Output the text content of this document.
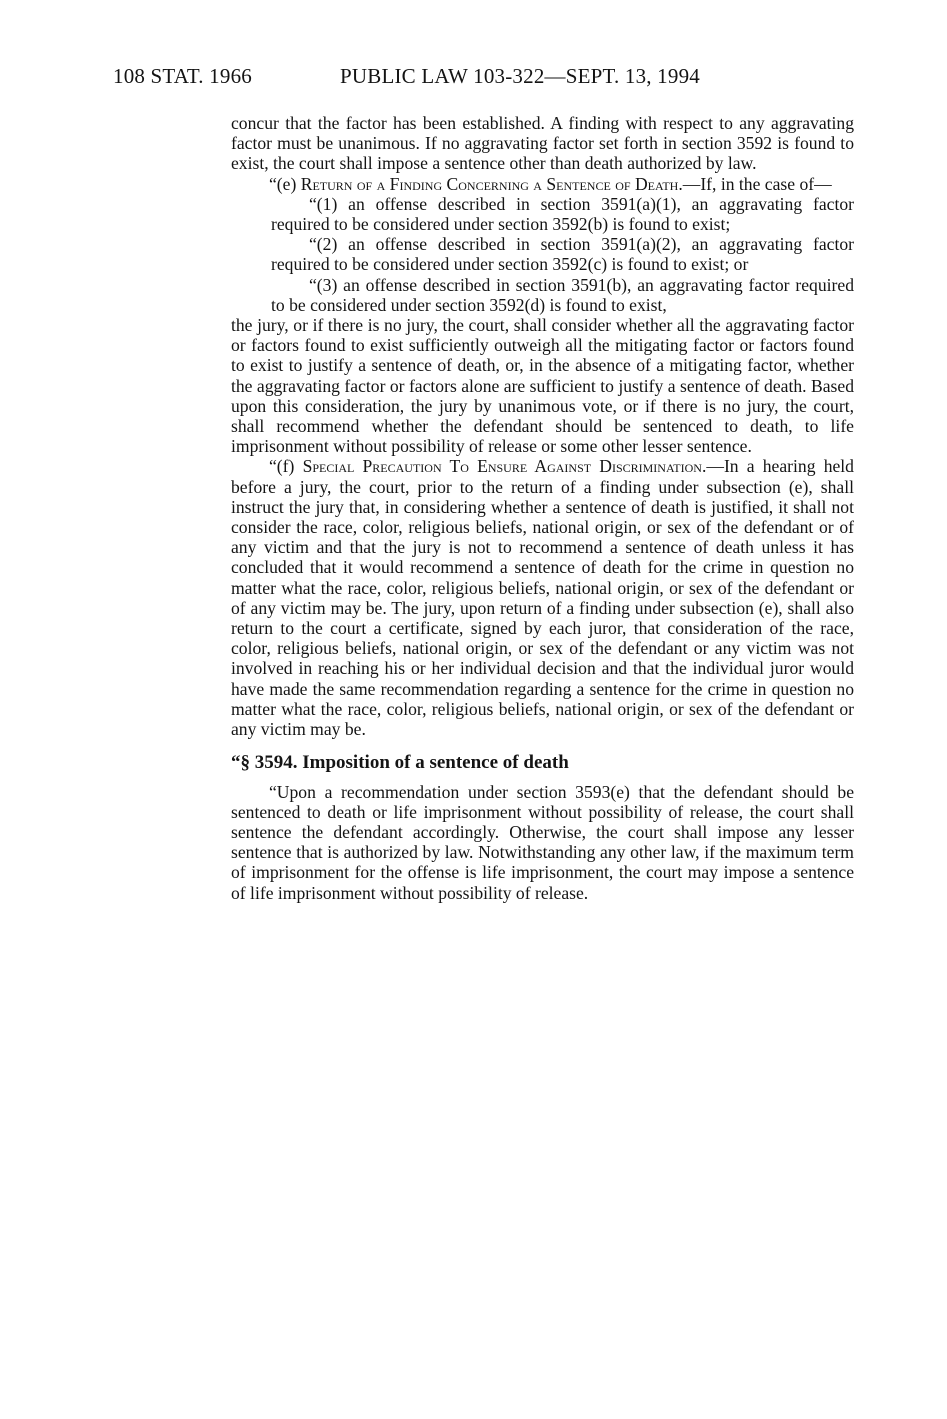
108 STAT. 1966	PUBLIC LAW 103-322—SEPT. 13, 1994

concur that the factor has been established. A finding with respect to any aggravating factor must be unanimous. If no aggravating factor set forth in section 3592 is found to exist, the court shall impose a sentence other than death authorized by law.

“(e) Return of a Finding Concerning a Sentence of Death.—If, in the case of—

“(1) an offense described in section 3591(a)(1), an aggravating factor required to be considered under section 3592(b) is found to exist;

“(2) an offense described in section 3591(a)(2), an aggravating factor required to be considered under section 3592(c) is found to exist; or

“(3) an offense described in section 3591(b), an aggravating factor required to be considered under section 3592(d) is found to exist,

the jury, or if there is no jury, the court, shall consider whether all the aggravating factor or factors found to exist sufficiently outweigh all the mitigating factor or factors found to exist to justify a sentence of death, or, in the absence of a mitigating factor, whether the aggravating factor or factors alone are sufficient to justify a sentence of death. Based upon this consideration, the jury by unanimous vote, or if there is no jury, the court, shall recommend whether the defendant should be sentenced to death, to life imprisonment without possibility of release or some other lesser sentence.

“(f) Special Precaution To Ensure Against Discrimination.—In a hearing held before a jury, the court, prior to the return of a finding under subsection (e), shall instruct the jury that, in considering whether a sentence of death is justified, it shall not consider the race, color, religious beliefs, national origin, or sex of the defendant or of any victim and that the jury is not to recommend a sentence of death unless it has concluded that it would recommend a sentence of death for the crime in question no matter what the race, color, religious beliefs, national origin, or sex of the defendant or of any victim may be. The jury, upon return of a finding under subsection (e), shall also return to the court a certificate, signed by each juror, that consideration of the race, color, religious beliefs, national origin, or sex of the defendant or any victim was not involved in reaching his or her individual decision and that the individual juror would have made the same recommendation regarding a sentence for the crime in question no matter what the race, color, religious beliefs, national origin, or sex of the defendant or any victim may be.

“§ 3594. Imposition of a sentence of death

“Upon a recommendation under section 3593(e) that the defendant should be sentenced to death or life imprisonment without possibility of release, the court shall sentence the defendant accordingly. Otherwise, the court shall impose any lesser sentence that is authorized by law. Notwithstanding any other law, if the maximum term of imprisonment for the offense is life imprisonment, the court may impose a sentence of life imprisonment without possibility of release.
